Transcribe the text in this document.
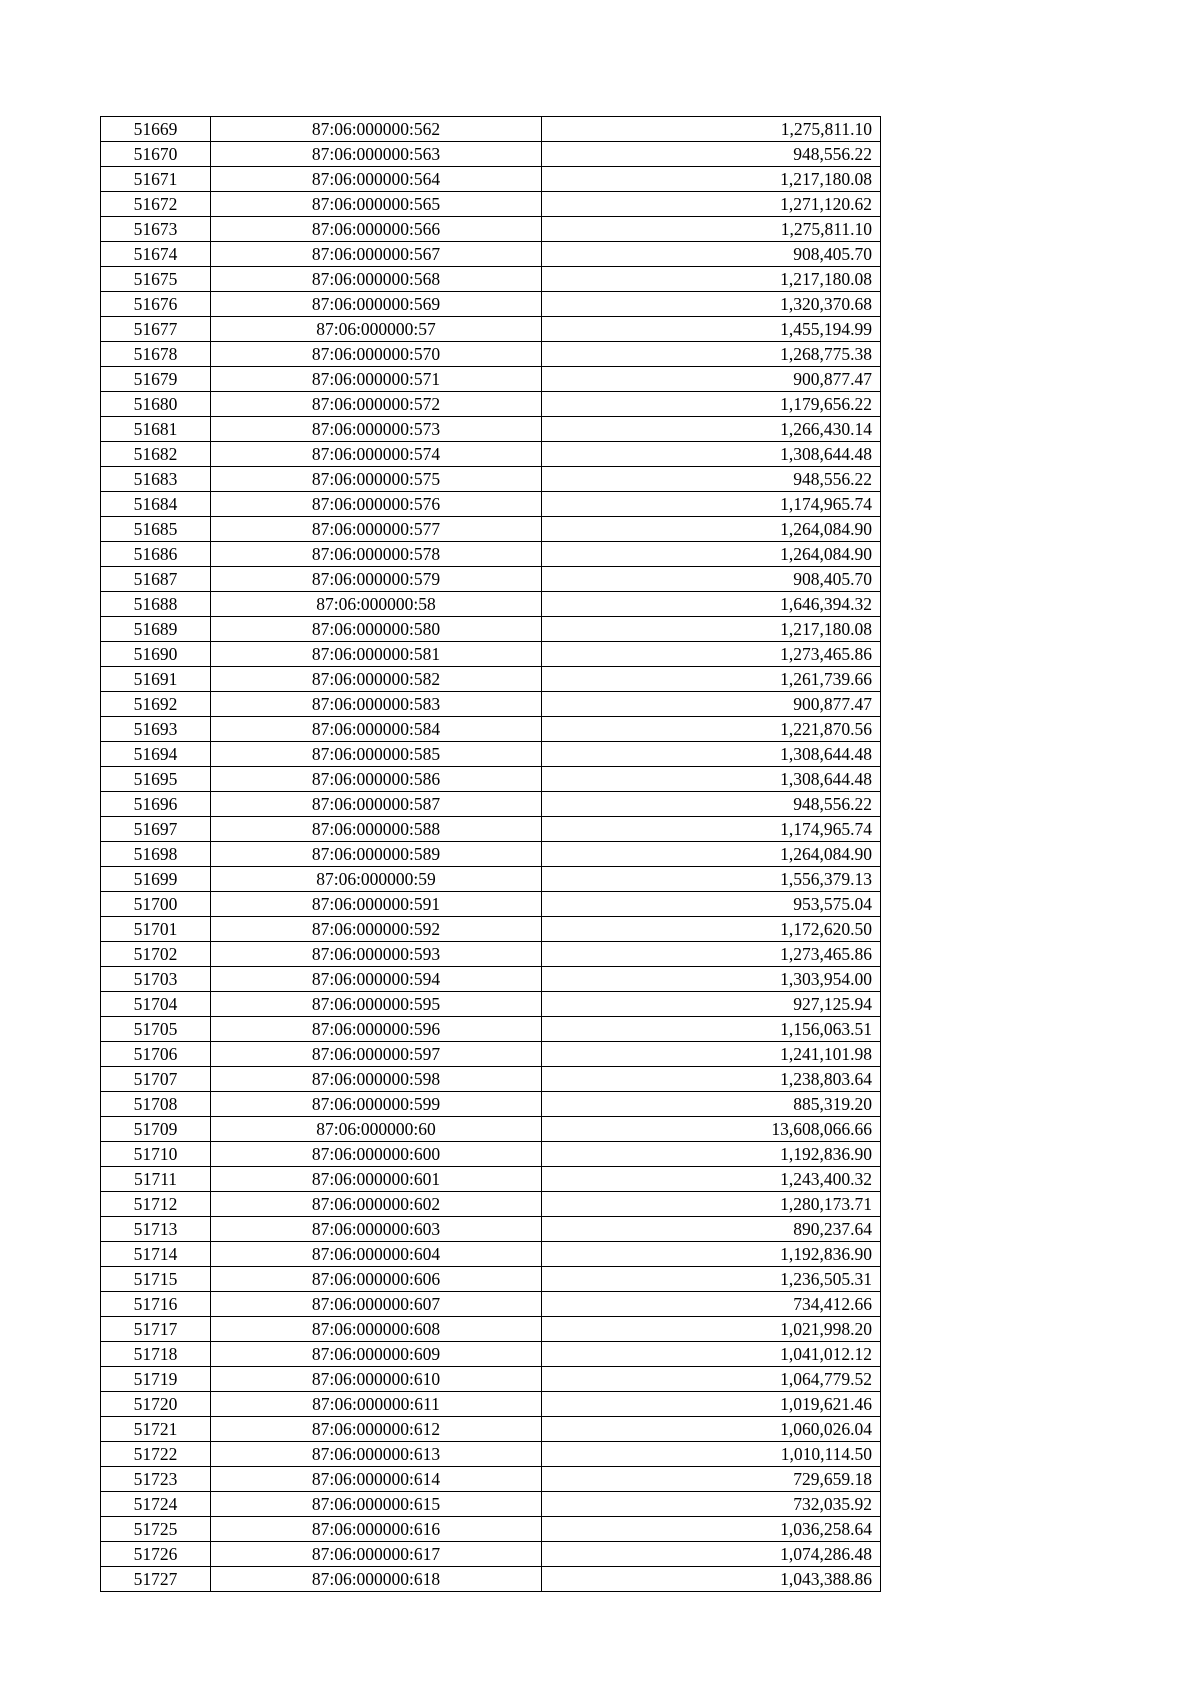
51669	87:06:000000:562	1,275,811.10
51670	87:06:000000:563	948,556.22
51671	87:06:000000:564	1,217,180.08
51672	87:06:000000:565	1,271,120.62
51673	87:06:000000:566	1,275,811.10
51674	87:06:000000:567	908,405.70
51675	87:06:000000:568	1,217,180.08
51676	87:06:000000:569	1,320,370.68
51677	87:06:000000:57	1,455,194.99
51678	87:06:000000:570	1,268,775.38
51679	87:06:000000:571	900,877.47
51680	87:06:000000:572	1,179,656.22
51681	87:06:000000:573	1,266,430.14
51682	87:06:000000:574	1,308,644.48
51683	87:06:000000:575	948,556.22
51684	87:06:000000:576	1,174,965.74
51685	87:06:000000:577	1,264,084.90
51686	87:06:000000:578	1,264,084.90
51687	87:06:000000:579	908,405.70
51688	87:06:000000:58	1,646,394.32
51689	87:06:000000:580	1,217,180.08
51690	87:06:000000:581	1,273,465.86
51691	87:06:000000:582	1,261,739.66
51692	87:06:000000:583	900,877.47
51693	87:06:000000:584	1,221,870.56
51694	87:06:000000:585	1,308,644.48
51695	87:06:000000:586	1,308,644.48
51696	87:06:000000:587	948,556.22
51697	87:06:000000:588	1,174,965.74
51698	87:06:000000:589	1,264,084.90
51699	87:06:000000:59	1,556,379.13
51700	87:06:000000:591	953,575.04
51701	87:06:000000:592	1,172,620.50
51702	87:06:000000:593	1,273,465.86
51703	87:06:000000:594	1,303,954.00
51704	87:06:000000:595	927,125.94
51705	87:06:000000:596	1,156,063.51
51706	87:06:000000:597	1,241,101.98
51707	87:06:000000:598	1,238,803.64
51708	87:06:000000:599	885,319.20
51709	87:06:000000:60	13,608,066.66
51710	87:06:000000:600	1,192,836.90
51711	87:06:000000:601	1,243,400.32
51712	87:06:000000:602	1,280,173.71
51713	87:06:000000:603	890,237.64
51714	87:06:000000:604	1,192,836.90
51715	87:06:000000:606	1,236,505.31
51716	87:06:000000:607	734,412.66
51717	87:06:000000:608	1,021,998.20
51718	87:06:000000:609	1,041,012.12
51719	87:06:000000:610	1,064,779.52
51720	87:06:000000:611	1,019,621.46
51721	87:06:000000:612	1,060,026.04
51722	87:06:000000:613	1,010,114.50
51723	87:06:000000:614	729,659.18
51724	87:06:000000:615	732,035.92
51725	87:06:000000:616	1,036,258.64
51726	87:06:000000:617	1,074,286.48
51727	87:06:000000:618	1,043,388.86
